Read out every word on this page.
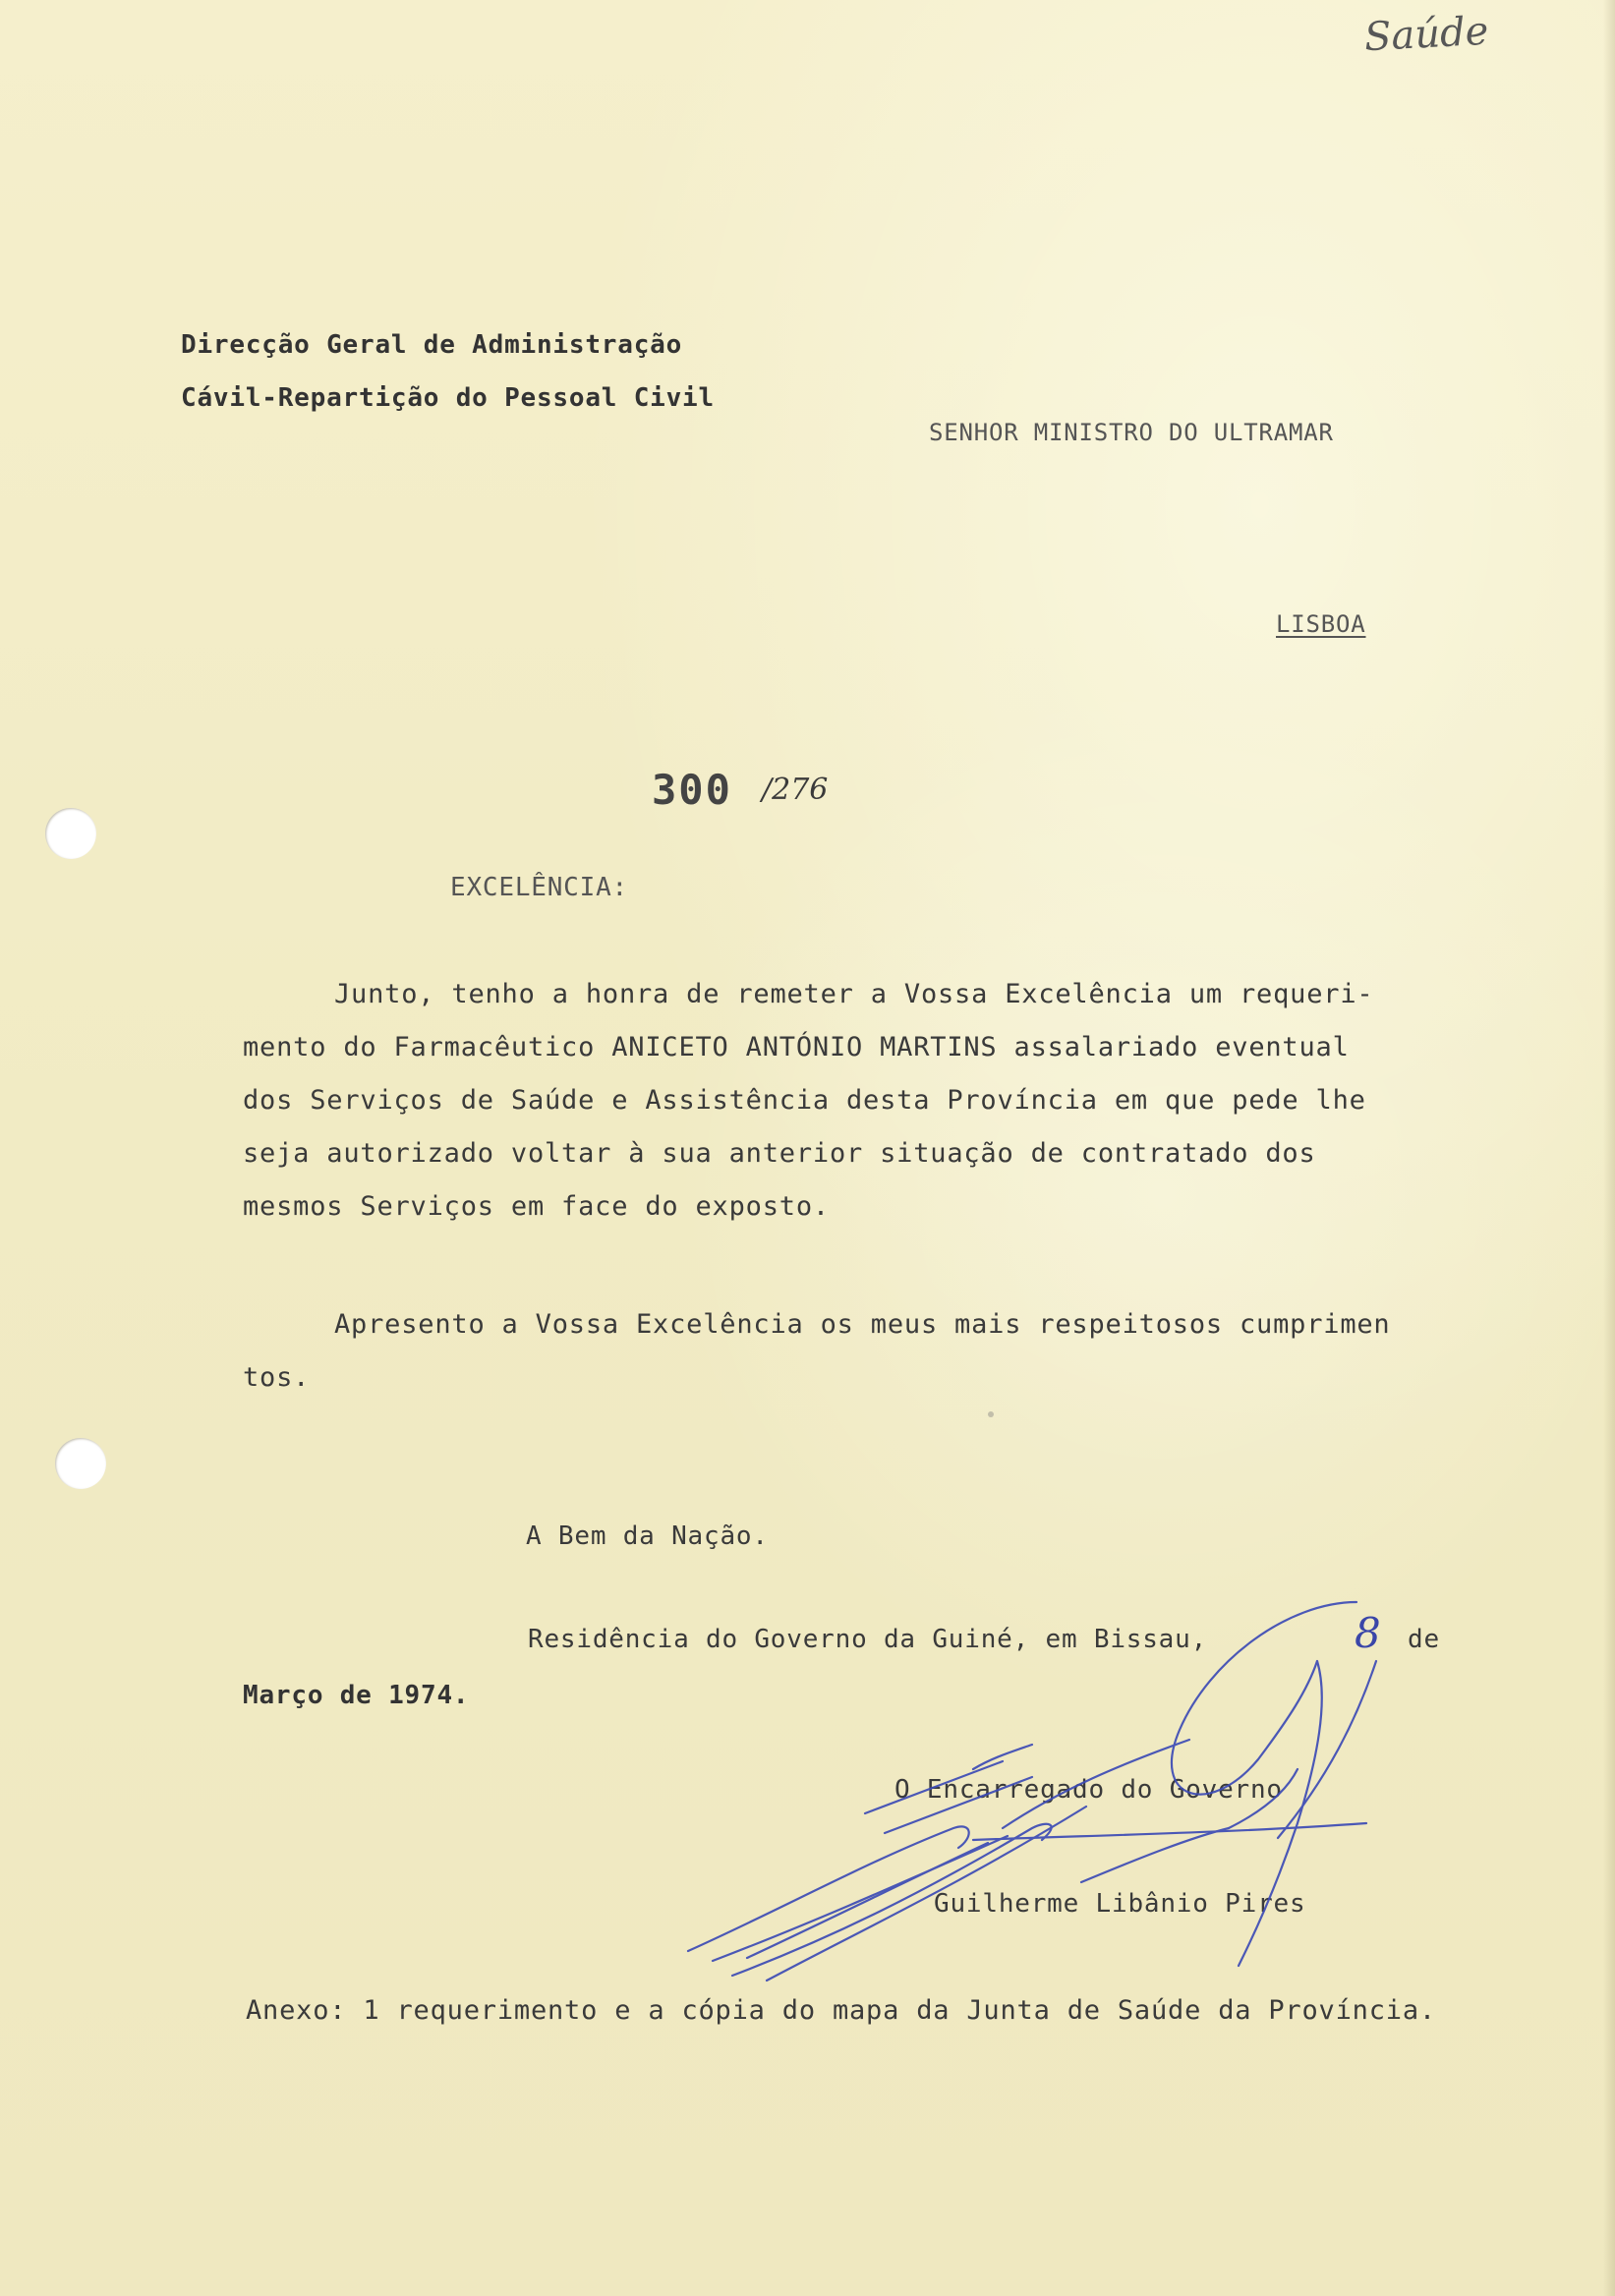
Saúde
Direcção Geral de Administração
Cávil-Repartição do Pessoal Civil
SENHOR MINISTRO DO ULTRAMAR
LISBOA
300 /276
EXCELÊNCIA:
Junto, tenho a honra de remeter a Vossa Excelência um requeri-
mento do Farmacêutico ANICETO ANTÓNIO MARTINS assalariado eventual
dos Serviços de Saúde e Assistência desta Província em que pede lhe
seja autorizado voltar à sua anterior situação de contratado dos
mesmos Serviços em face do exposto.
Apresento a Vossa Excelência os meus mais respeitosos cumprimen
tos.
A Bem da Nação.
Residência do Governo da Guiné, em Bissau,	8 de
Março de 1974.
O Encarregado do Governo
Guilherme Libânio Pires
Anexo: 1 requerimento e a cópia do mapa da Junta de Saúde da Província.
